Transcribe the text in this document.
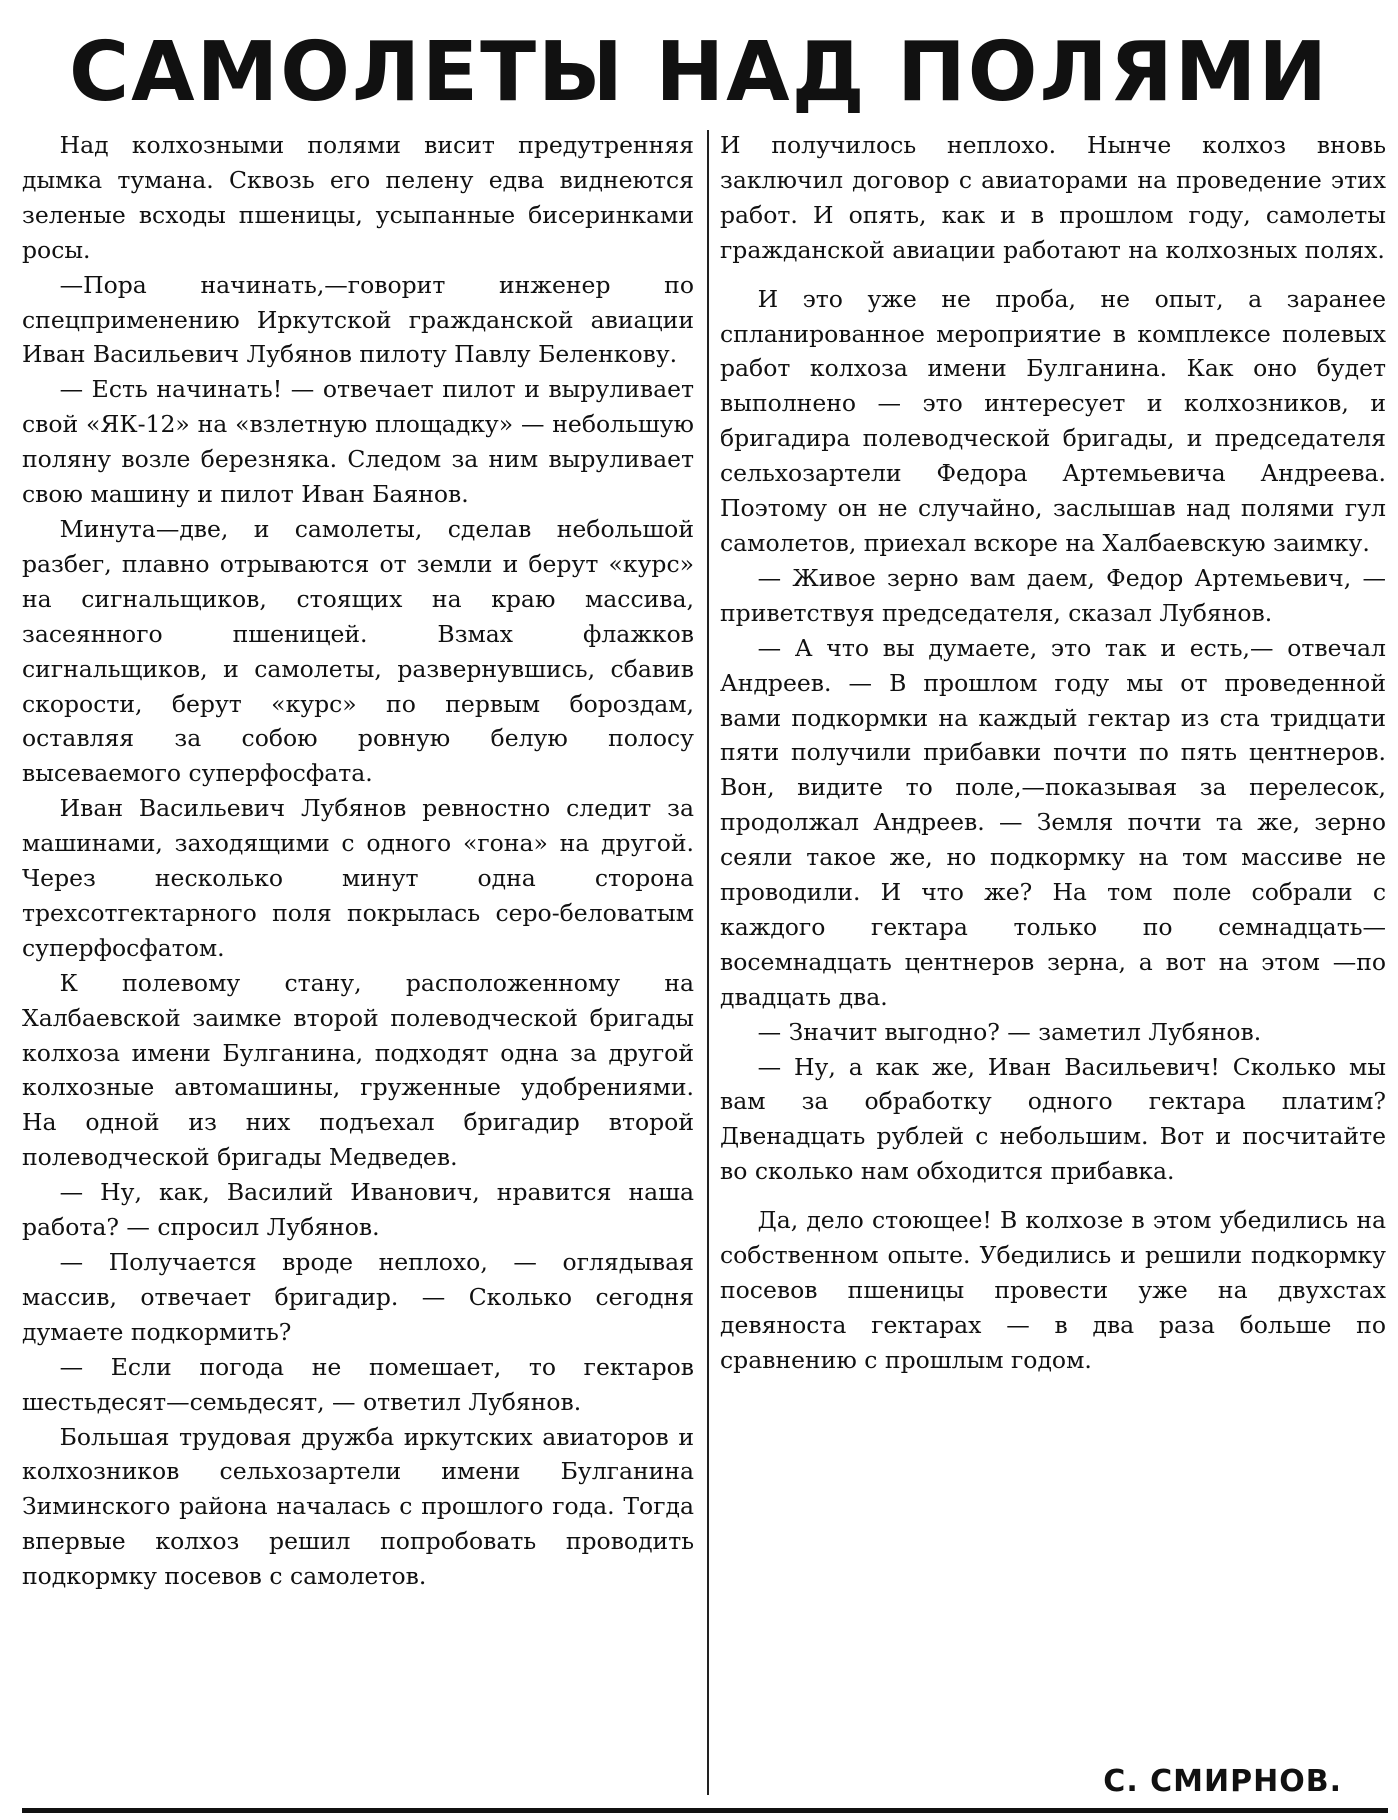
САМОЛЕТЫ НАД ПОЛЯМИ

Над колхозными полями висит предутренняя дымка тумана. Сквозь его пелену едва виднеются зеленые всходы пшеницы, усыпанные бисеринками росы.

—Пора начинать,—говорит инженер по спецприменению Иркутской гражданской авиации Иван Васильевич Лубянов пилоту Павлу Беленкову.

— Есть начинать! — отвечает пилот и выруливает свой «ЯК-12» на «взлетную площадку» — небольшую поляну возле березняка. Следом за ним выруливает свою машину и пилот Иван Баянов.

Минута—две, и самолеты, сделав небольшой разбег, плавно отрываются от земли и берут «курс» на сигнальщиков, стоящих на краю массива, засеянного пшеницей. Взмах флажков сигнальщиков, и самолеты, развернувшись, сбавив скорости, берут «курс» по первым бороздам, оставляя за собою ровную белую полосу высеваемого суперфосфата.

Иван Васильевич Лубянов ревностно следит за машинами, заходящими с одного «гона» на другой. Через несколько минут одна сторона трехсотгектарного поля покрылась серо-беловатым суперфосфатом.

К полевому стану, расположенному на Халбаевской заимке второй полеводческой бригады колхоза имени Булганина, подходят одна за другой колхозные автомашины, груженные удобрениями. На одной из них подъехал бригадир второй полеводческой бригады Медведев.

— Ну, как, Василий Иванович, нравится наша работа? — спросил Лубянов.

— Получается вроде неплохо, — оглядывая массив, отвечает бригадир. — Сколько сегодня думаете подкормить?

— Если погода не помешает, то гектаров шестьдесят—семьдесят, — ответил Лубянов.

Большая трудовая дружба иркутских авиаторов и колхозников сельхозартели имени Булганина Зиминского района началась с прошлого года. Тогда впервые колхоз решил попробовать проводить подкормку посевов с самолетов.

И получилось неплохо. Нынче колхоз вновь заключил договор с авиаторами на проведение этих работ. И опять, как и в прошлом году, самолеты гражданской авиации работают на колхозных полях.

И это уже не проба, не опыт, а заранее спланированное мероприятие в комплексе полевых работ колхоза имени Булганина. Как оно будет выполнено — это интересует и колхозников, и бригадира полеводческой бригады, и председателя сельхозартели Федора Артемьевича Андреева. Поэтому он не случайно, заслышав над полями гул самолетов, приехал вскоре на Халбаевскую заимку.

— Живое зерно вам даем, Федор Артемьевич, — приветствуя председателя, сказал Лубянов.

— А что вы думаете, это так и есть,— отвечал Андреев. — В прошлом году мы от проведенной вами подкормки на каждый гектар из ста тридцати пяти получили прибавки почти по пять центнеров. Вон, видите то поле,—показывая за перелесок, продолжал Андреев. — Земля почти та же, зерно сеяли такое же, но подкормку на том массиве не проводили. И что же? На том поле собрали с каждого гектара только по семнадцать—восемнадцать центнеров зерна, а вот на этом —по двадцать два.

— Значит выгодно? — заметил Лубянов.

— Ну, а как же, Иван Васильевич! Сколько мы вам за обработку одного гектара платим? Двенадцать рублей с небольшим. Вот и посчитайте во сколько нам обходится прибавка.

Да, дело стоющее! В колхозе в этом убедились на собственном опыте. Убедились и решили подкормку посевов пшеницы провести уже на двухстах девяноста гектарах — в два раза больше по сравнению с прошлым годом.

С. СМИРНОВ.
